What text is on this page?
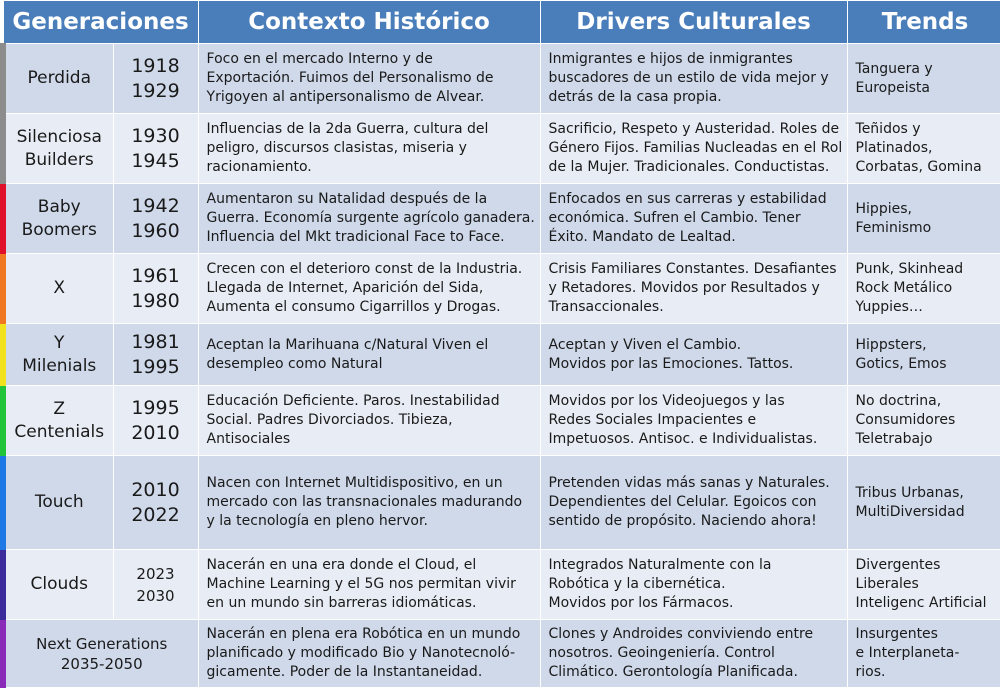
Generaciones		Contexto Histórico	Drivers Culturales	Trends

Perdida	1918
1929	Foco en el mercado Interno y de
Exportación. Fuimos del Personalismo de
Yrigoyen al antipersonalismo de Alvear.	Inmigrantes e hijos de inmigrantes
buscadores de un estilo de vida mejor y
detrás de la casa propia.	Tanguera y
Europeista

Silenciosa
Builders	1930
1945	Influencias de la 2da Guerra, cultura del
peligro, discursos clasistas, miseria y
racionamiento.	Sacrificio, Respeto y Austeridad. Roles de
Género Fijos. Familias Nucleadas en el Rol
de la Mujer. Tradicionales. Conductistas.	Teñidos y
Platinados,
Corbatas, Gomina

Baby
Boomers	1942
1960	Aumentaron su Natalidad después de la
Guerra. Economía surgente agrícolo ganadera.
Influencia del Mkt tradicional Face to Face.	Enfocados en sus carreras y estabilidad
económica. Sufren el Cambio. Tener
Éxito. Mandato de Lealtad.	Hippies,
Feminismo

X	1961
1980	Crecen con el deterioro const de la Industria.
Llegada de Internet, Aparición del Sida,
Aumenta el consumo Cigarrillos y Drogas.	Crisis Familiares Constantes. Desafiantes
y Retadores. Movidos por Resultados y
Transaccionales.	Punk, Skinhead
Rock Metálico
Yuppies…

Y
Milenials	1981
1995	Aceptan la Marihuana c/Natural Viven el
desempleo como Natural	Aceptan y Viven el Cambio.
Movidos por las Emociones. Tattos.	Hippsters,
Gotics, Emos

Z
Centenials	1995
2010	Educación Deficiente. Paros. Inestabilidad
Social. Padres Divorciados. Tibieza,
Antisociales	Movidos por los Videojuegos y las
Redes Sociales Impacientes e
Impetuosos. Antisoc. e Individualistas.	No doctrina,
Consumidores
Teletrabajo

Touch	2010
2022	Nacen con Internet Multidispositivo, en un
mercado con las transnacionales madurando
y la tecnología en pleno hervor.	Pretenden vidas más sanas y Naturales.
Dependientes del Celular. Egoicos con
sentido de propósito. Naciendo ahora!	Tribus Urbanas,
MultiDiversidad

Clouds	2023
2030	Nacerán en una era donde el Cloud, el
Machine Learning y el 5G nos permitan vivir
en un mundo sin barreras idiomáticas.	Integrados Naturalmente con la
Robótica y la cibernética.
Movidos por los Fármacos.	Divergentes
Liberales
Inteligenc Artificial

Next Generations
2035-2050		Nacerán en plena era Robótica en un mundo
planificado y modificado Bio y Nanotecnoló-
gicamente. Poder de la Instantaneidad.	Clones y Androides conviviendo entre
nosotros. Geoingeniería. Control
Climático. Gerontología Planificada.	Insurgentes
e Interplaneta-
rios.
